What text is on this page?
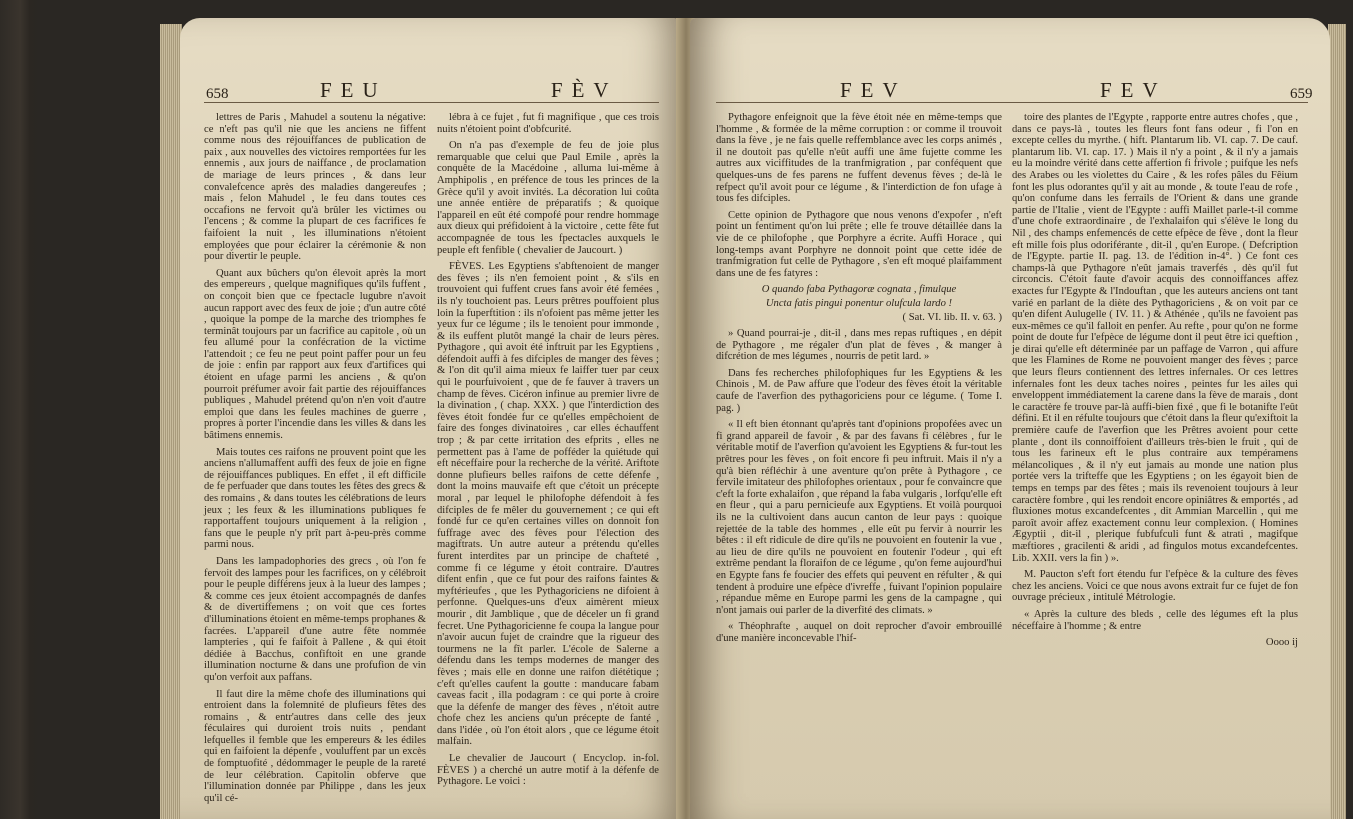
658	FEU FÈV

lettres de Paris , Mahudel a soutenu la négative: ce n'eft pas qu'il nie que les anciens ne fiffent comme nous des réjouiffances de publication de paix , aux nouvelles des victoires remportées fur les ennemis , aux jours de naiffance , de proclamation de mariage de leurs princes , & dans leur convalefcence après des maladies dangereufes ; mais , felon Mahudel , le feu dans toutes ces occafions ne fervoit qu'à brûler les victimes ou l'encens ; & comme la plupart de ces facrifices fe faifoient la nuit , les illuminations n'étoient employées que pour éclairer la cérémonie & non pour divertir le peuple.

Quant aux bûchers qu'on élevoit après la mort des empereurs , quelque magnifiques qu'ils fuffent , on conçoit bien que ce fpectacle lugubre n'avoit aucun rapport avec des feux de joie ; d'un autre côté , quoique la pompe de la marche des triomphes fe terminât toujours par un facrifice au capitole , où un feu allumé pour la confécration de la victime l'attendoit ; ce feu ne peut point paffer pour un feu de joie : enfin par rapport aux feux d'artifices qui étoient en ufage parmi les anciens , & qu'on pourroit préfumer avoir fait partie des réjouiffances publiques , Mahudel prétend qu'on n'en voit d'autre emploi que dans les feules machines de guerre , propres à porter l'incendie dans les villes & dans les bâtimens ennemis.

Mais toutes ces raifons ne prouvent point que les anciens n'allumaffent auffi des feux de joie en figne de réjouiffances publiques. En effet , il eft difficile de fe perfuader que dans toutes les fêtes des grecs & des romains , & dans toutes les célébrations de leurs jeux ; les feux & les illuminations publiques fe rapportaffent toujours uniquement à la religion , fans que le peuple n'y prît part à-peu-près comme parmi nous.

Dans les lampadophories des grecs , où l'on fe fervoit des lampes pour les facrifices, on y célébroit pour le peuple différens jeux à la lueur des lampes ; & comme ces jeux étoient accompagnés de danfes & de divertiffemens ; on voit que ces fortes d'illuminations étoient en même-temps prophanes & facrées. L'appareil d'une autre fête nommée lampteries , qui fe faifoit à Pallene , & qui étoit dédiée à Bacchus, confiftoit en une grande illumination nocturne & dans une profufion de vin qu'on verfoit aux paffans.

Il faut dire la même chofe des illuminations qui entroient dans la folemnité de plufieurs fêtes des romains , & entr'autres dans celle des jeux féculaires qui duroient trois nuits , pendant lefquelles il femble que les empereurs & les édiles qui en faifoient la dépenfe , vouluffent par un excès de fomptuofité , dédommager le peuple de la rareté de leur célébration. Capitolin obferve que l'illumination donnée par Philippe , dans les jeux qu'il cé-

lébra à ce fujet , fut fi magnifique , que ces trois nuits n'étoient point d'obfcurité.

On n'a pas d'exemple de feu de joie plus remarquable que celui que Paul Emile , après la conquête de la Macédoine , alluma lui-même à Amphipolis , en préfence de tous les princes de la Grèce qu'il y avoit invités. La décoration lui coûta une année entière de préparatifs ; & quoique l'appareil en eût été compofé pour rendre hommage aux dieux qui préfidoient à la victoire , cette fête fut accompagnée de tous les fpectacles auxquels le peuple eft fenfible ( chevalier de Jaucourt. )

FÈVES. Les Egyptiens s'abftenoient de manger des fèves ; ils n'en femoient point , & s'ils en trouvoient qui fuffent crues fans avoir été femées , ils n'y touchoient pas. Leurs prêtres pouffoient plus loin la fuperftition : ils n'ofoient pas même jetter les yeux fur ce légume ; ils le tenoient pour immonde , & ils euffent plutôt mangé la chair de leurs pères. Pythagore , qui avoit été inftruit par les Egyptiens , défendoit auffi à fes difciples de manger des fèves ; & l'on dit qu'il aima mieux fe laiffer tuer par ceux qui le pourfuivoient , que de fe fauver à travers un champ de fèves. Cicéron infinue au premier livre de la divination , ( chap. XXX. ) que l'interdiction des fèves étoit fondée fur ce qu'elles empêchoient de faire des fonges divinatoires , car elles échauffent trop ; & par cette irritation des efprits , elles ne permettent pas à l'ame de pofféder la quiétude qui eft néceffaire pour la recherche de la vérité. Ariftote donne plufieurs belles raifons de cette défenfe , dont la moins mauvaife eft que c'étoit un précepte moral , par lequel le philofophe défendoit à fes difciples de fe mêler du gouvernement ; ce qui eft fondé fur ce qu'en certaines villes on donnoit fon fuffrage avec des fèves pour l'élection des magiftrats. Un autre auteur a prétendu qu'elles furent interdites par un principe de chafteté , comme fi ce légume y étoit contraire. D'autres difent enfin , que ce fut pour des raifons faintes & myftérieufes , que les Pythagoriciens ne difoient à perfonne. Quelques-uns d'eux aimèrent mieux mourir , dit Jamblique , que de déceler un fi grand fecret. Une Pythagoricienne fe coupa la langue pour n'avoir aucun fujet de craindre que la rigueur des tourmens ne la fît parler. L'école de Salerne a défendu dans les temps modernes de manger des fèves ; mais elle en donne une raifon diététique ; c'eft qu'elles caufent la goutte : manducare fabam caveas facit , illa podagram : ce qui porte à croire que la défenfe de manger des fèves , n'étoit autre chofe chez les anciens qu'un précepte de fanté , dans l'idée , où l'on étoit alors , que ce légume étoit malfain.

Le chevalier de Jaucourt ( Encyclop. in-fol. FÈVES ) a cherché un autre motif à la défenfe de Pythagore. Le voici :

FEV	FEV	659

Pythagore enfeignoit que la fève étoit née en même-temps que l'homme , & formée de la même corruption : or comme il trouvoit dans la fève , je ne fais quelle reffemblance avec les corps animés , il ne doutoit pas qu'elle n'eût auffi une âme fujette comme les autres aux viciffitudes de la tranfmigration , par conféquent que quelques-uns de fes parens ne fuffent devenus fèves ; de-là le refpect qu'il avoit pour ce légume , & l'interdiction de fon ufage à tous fes difciples.

Cette opinion de Pythagore que nous venons d'expofer , n'eft point un fentiment qu'on lui prête ; elle fe trouve détaillée dans la vie de ce philofophe , que Porphyre a écrite. Auffi Horace , qui long-temps avant Porphyre ne donnoit point que cette idée de tranfmigration fut celle de Pythagore , s'en eft moqué plaifamment dans une de fes fatyres :

O quando faba Pythagoræ cognata , fimulque

Uncta fatis pingui ponentur olufcula lardo !

( Sat. VI. lib. II. v. 63. )

» Quand pourrai-je , dit-il , dans mes repas ruftiques , en dépit de Pythagore , me régaler d'un plat de fèves , & manger à difcrétion de mes légumes , nourris de petit lard. »

Dans fes recherches philofophiques fur les Egyptiens & les Chinois , M. de Paw affure que l'odeur des fèves étoit la véritable caufe de l'averfion des pythagoriciens pour ce légume. ( Tome I. pag. )

« Il eft bien étonnant qu'après tant d'opinions propofées avec un fi grand appareil de favoir , & par des favans fi célèbres , fur le véritable motif de l'averfion qu'avoient les Egyptiens & fur-tout les prêtres pour les fèves , on foit encore fi peu inftruit. Mais il n'y a qu'à bien réfléchir à une aventure qu'on prête à Pythagore , ce fervile imitateur des philofophes orientaux , pour fe convaincre que c'eft la forte exhalaifon , que répand la faba vulgaris , lorfqu'elle eft en fleur , qui a paru pernicieufe aux Egyptiens. Et voilà pourquoi ils ne la cultivoient dans aucun canton de leur pays : quoique rejettée de la table des hommes , elle eût pu fervir à nourrir les bêtes : il eft ridicule de dire qu'ils ne pouvoient en foutenir la vue , au lieu de dire qu'ils ne pouvoient en foutenir l'odeur , qui eft extrême pendant la floraifon de ce légume , qu'on feme aujourd'hui en Egypte fans fe foucier des effets qui peuvent en réfulter , & qui tendent à produire une efpèce d'ivreffe , fuivant l'opinion populaire , répandue même en Europe parmi les gens de la campagne , qui n'ont jamais oui parler de la diverfité des climats. »

« Théophrafte , auquel on doit reprocher d'avoir embrouillé d'une manière inconcevable l'hif-

toire des plantes de l'Egypte , rapporte entre autres chofes , que , dans ce pays-là , toutes les fleurs font fans odeur , fi l'on en excepte celles du myrthe. ( hift. Plantarum lib. VI. cap. 7. De cauf. plantarum lib. VI. cap. 17. ) Mais il n'y a point , & il n'y a jamais eu la moindre vérité dans cette affertion fi frivole ; puifque les nefs des Arabes ou les violettes du Caire , & les rofes pâles du Fêium font les plus odorantes qu'il y ait au monde , & toute l'eau de rofe , qu'on confume dans les ferrails de l'Orient & dans une grande partie de l'Italie , vient de l'Egypte : auffi Maillet parle-t-il comme d'une chofe extraordinaire , de l'exhalaifon qui s'élève le long du Nil , des champs enfemencés de cette efpèce de fève , dont la fleur eft mille fois plus odoriférante , dit-il , qu'en Europe. ( Defcription de l'Egypte. partie II. pag. 13. de l'édition in-4°. ) Ce font ces champs-là que Pythagore n'eût jamais traverfés , dès qu'il fut circoncis. C'étoit faute d'avoir acquis des connoiffances affez exactes fur l'Egypte & l'Indouftan , que les auteurs anciens ont tant varié en parlant de la diète des Pythagoriciens , & on voit par ce qu'en difent Aulugelle ( IV. 11. ) & Athénée , qu'ils ne favoient pas eux-mêmes ce qu'il falloit en penfer. Au refte , pour qu'on ne forme point de doute fur l'efpèce de légume dont il peut être ici queftion , je dirai qu'elle eft déterminée par un paffage de Varron , qui affure que les Flamines de Rome ne pouvoient manger des fèves ; parce que leurs fleurs contiennent des lettres infernales. Or ces lettres infernales font les deux taches noires , peintes fur les ailes qui enveloppent immédiatement la carene dans la fève de marais , dont le caractère fe trouve par-là auffi-bien fixé , que fi le botanifte l'eût défini. Et il en réfulte toujours que c'étoit dans la fleur qu'exiftoit la première caufe de l'averfion que les Prêtres avoient pour cette plante , dont ils connoiffoient d'ailleurs très-bien le fruit , qui de tous les farineux eft le plus contraire aux tempéramens mélancoliques , & il n'y eut jamais au monde une nation plus portée vers la trifteffe que les Egyptiens ; on les égayoit bien de temps en temps par des fêtes ; mais ils revenoient toujours à leur caractère fombre , qui les rendoit encore opiniâtres & emportés , ad fluxiones motus excandefcentes , dit Ammian Marcellin , qui me paroît avoir affez exactement connu leur complexion. ( Homines Ægyptii , dit-il , plerique fubfufculi funt & atrati , magifque mæftiores , gracilenti & aridi , ad fingulos motus excandefcentes. Lib. XXII. vers la fin ) ».

M. Paucton s'eft fort étendu fur l'efpèce & la culture des fèves chez les anciens. Voici ce que nous avons extrait fur ce fujet de fon ouvrage précieux , intitulé Métrologie.

« Après la culture des bleds , celle des légumes eft la plus néceffaire à l'homme ; & entre

Oooo ij
